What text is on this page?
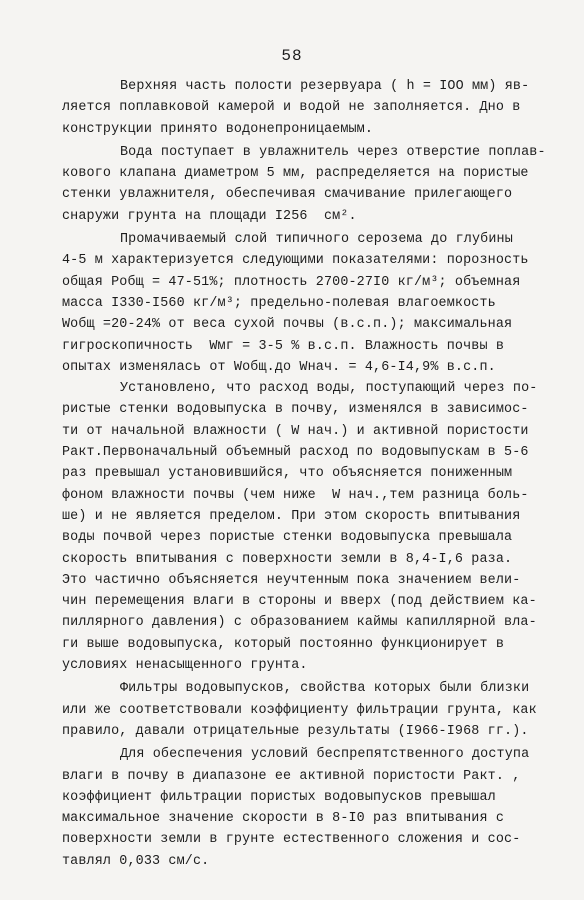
58
Верхняя часть полости резервуара ( h = IOO мм) яв-
ляется поплавковой камерой и водой не заполняется. Дно в
конструкции принято водонепроницаемым.
Вода поступает в увлажнитель через отверстие поплав-
кового клапана диаметром 5 мм, распределяется на пористые
стенки увлажнителя, обеспечивая смачивание прилегающего
снаружи грунта на площади I256  см².
Промачиваемый слой типичного серозема до глубины
4-5 м характеризуется следующими показателями: порозность
общая Pобщ = 47-51%; плотность 2700-27I0 кг/м³; объемная
масса I330-I560 кг/м³; предельно-полевая влагоемкость
Wобщ =20-24% от веса сухой почвы (в.с.п.); максимальная
гигроскопичность  Wмг = 3-5 % в.с.п. Влажность почвы в
опытах изменялась от Wобщ.до Wнач. = 4,6-I4,9% в.с.п.
Установлено, что расход воды, поступающий через по-
ристые стенки водовыпуска в почву, изменялся в зависимос-
ти от начальной влажности ( W нач.) и активной пористости
Pакт.Первоначальный объемный расход по водовыпускам в 5-6
раз превышал установившийся, что объясняется пониженным
фоном влажности почвы (чем ниже  W нач.,тем разница боль-
ше) и не является пределом. При этом скорость впитывания
воды почвой через пористые стенки водовыпуска превышала
скорость впитывания с поверхности земли в 8,4-I,6 раза.
Это частично объясняется неучтенным пока значением вели-
чин перемещения влаги в стороны и вверх (под действием ка-
пиллярного давления) с образованием каймы капиллярной вла-
ги выше водовыпуска, который постоянно функционирует в
условиях ненасыщенного грунта.
Фильтры водовыпусков, свойства которых были близки
или же соответствовали коэффициенту фильтрации грунта, как
правило, давали отрицательные результаты (I966-I968 гг.).
Для обеспечения условий беспрепятственного доступа
влаги в почву в диапазоне ее активной пористости Pакт. ,
коэффициент фильтрации пористых водовыпусков превышал
максимальное значение скорости в 8-I0 раз впитывания с
поверхности земли в грунте естественного сложения и сос-
тавлял 0,033 см/с.
